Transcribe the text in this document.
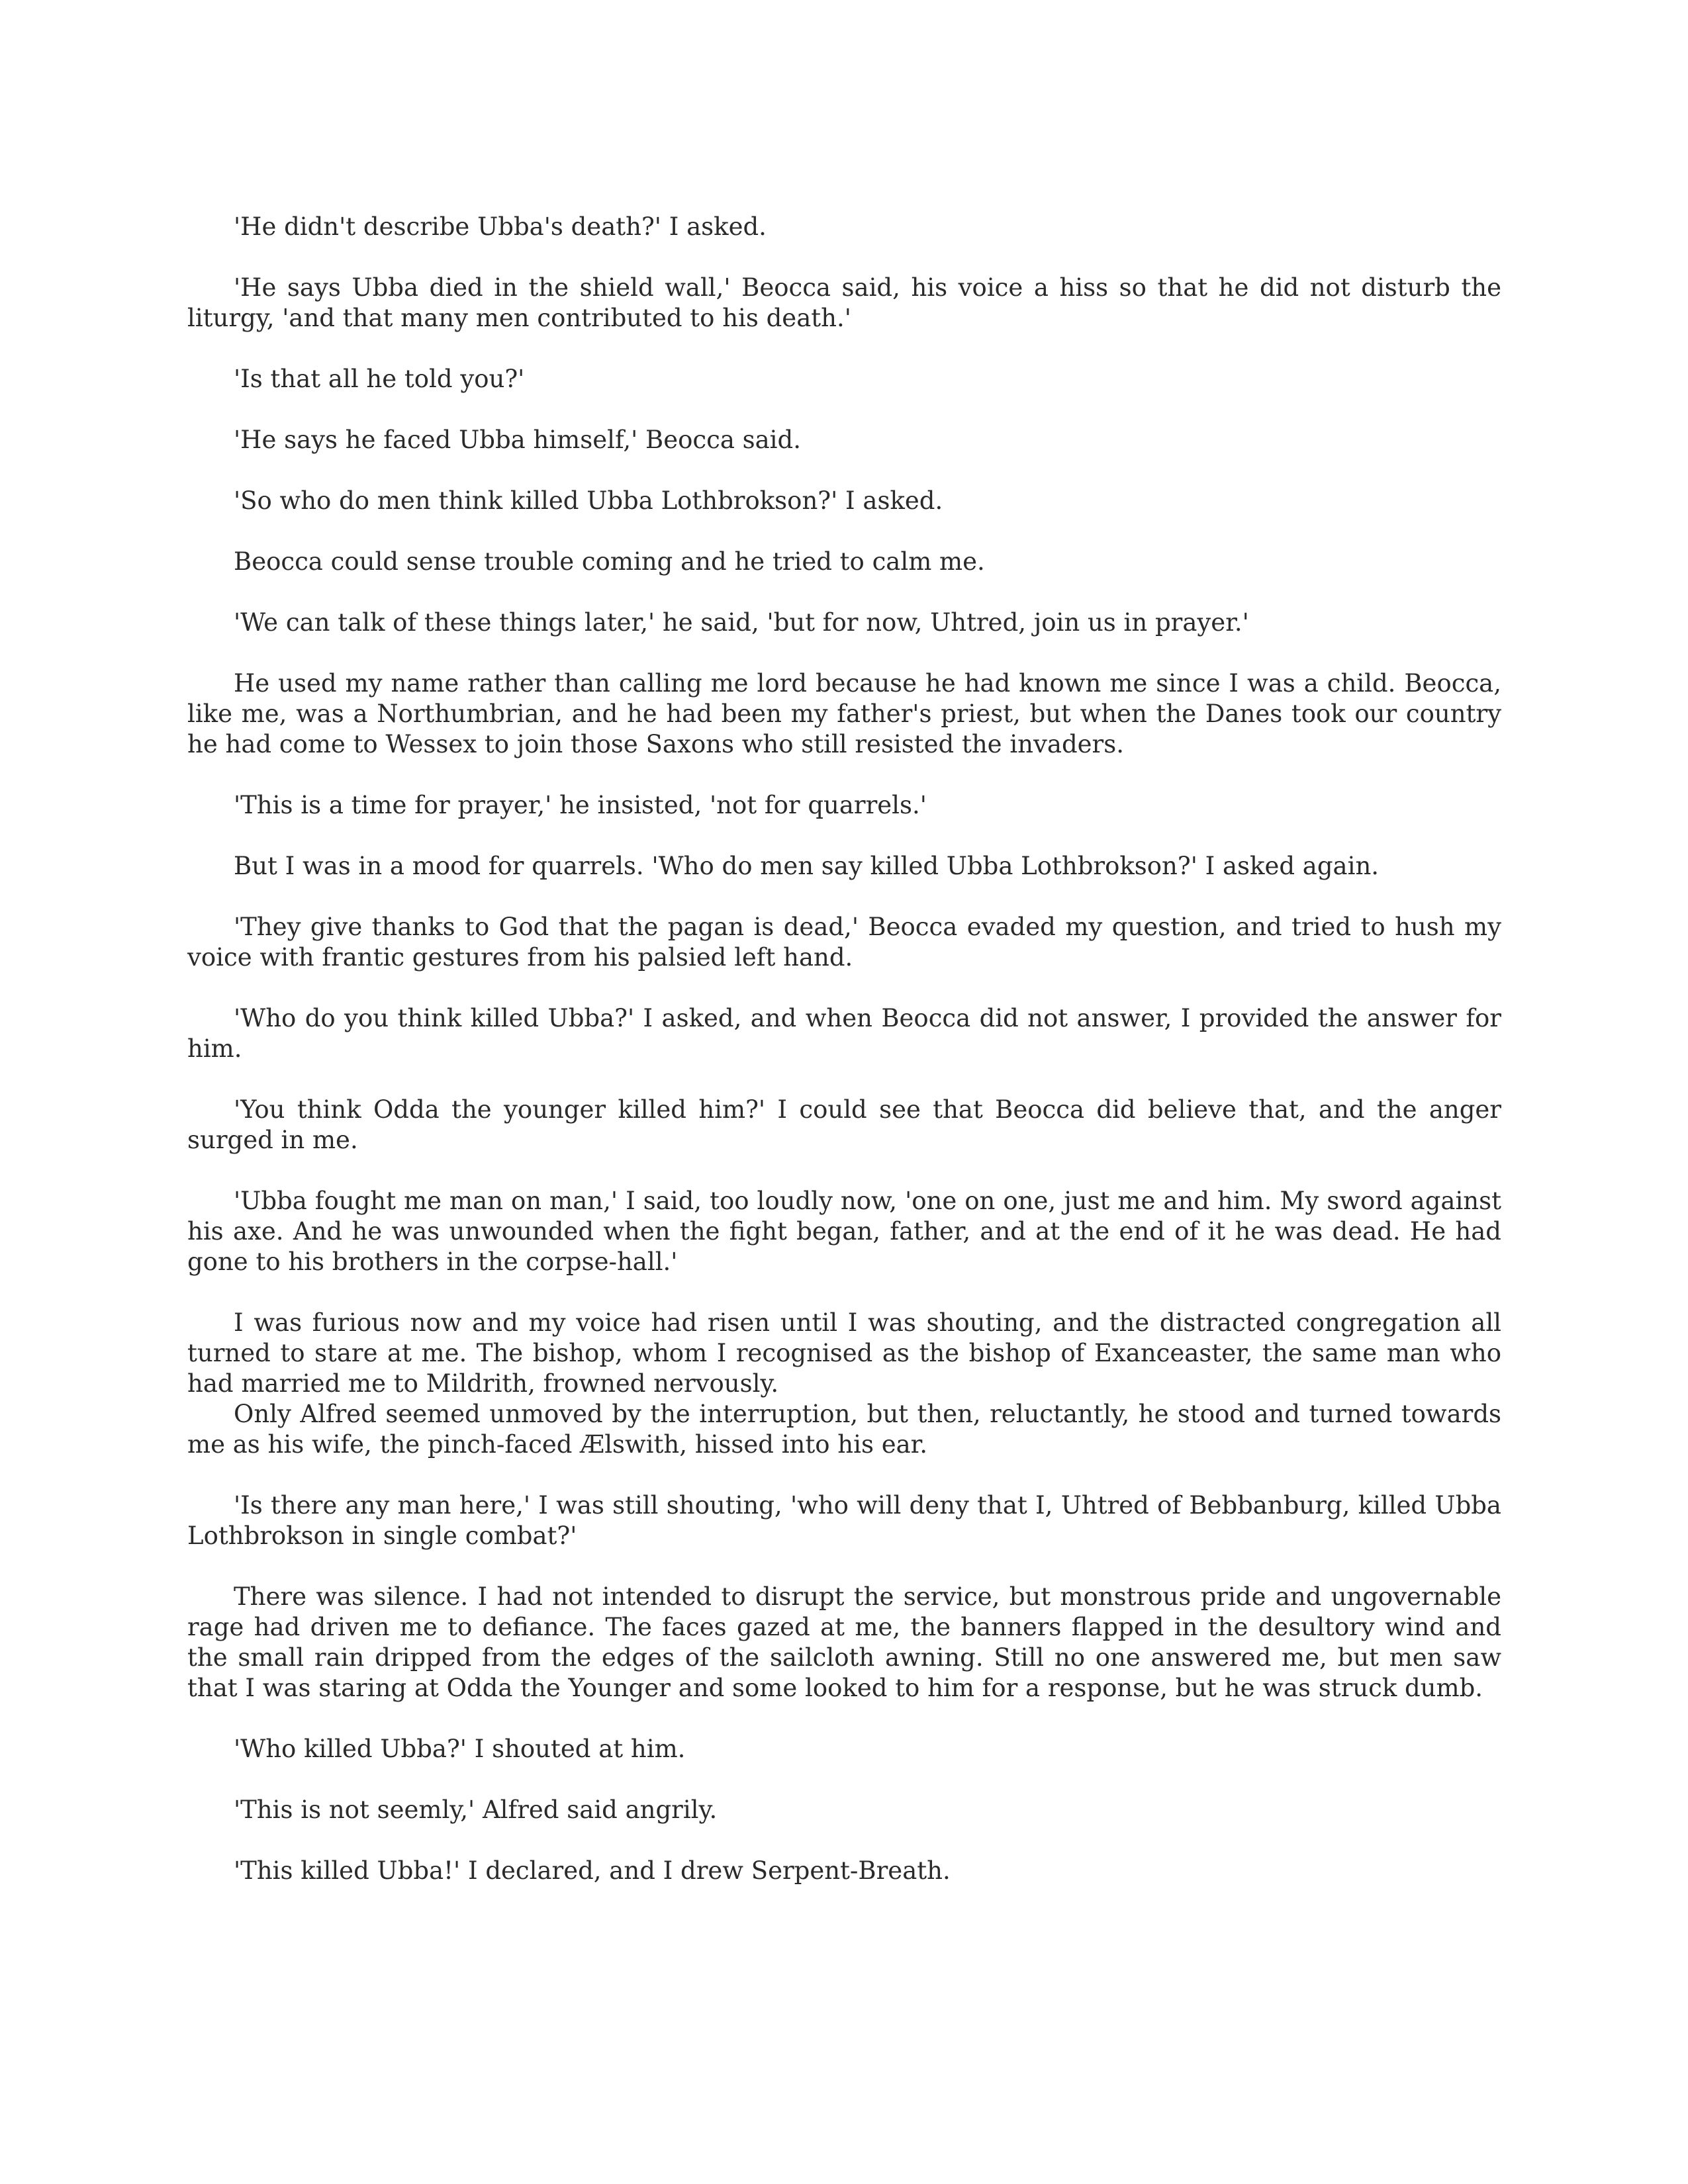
'He didn't describe Ubba's death?' I asked.

'He says Ubba died in the shield wall,' Beocca said, his voice a hiss so that he did not disturb the liturgy, 'and that many men contributed to his death.'

'Is that all he told you?'

'He says he faced Ubba himself,' Beocca said.

'So who do men think killed Ubba Lothbrokson?' I asked.

Beocca could sense trouble coming and he tried to calm me.

'We can talk of these things later,' he said, 'but for now, Uhtred, join us in prayer.'

He used my name rather than calling me lord because he had known me since I was a child. Beocca, like me, was a Northumbrian, and he had been my father's priest, but when the Danes took our country he had come to Wessex to join those Saxons who still resisted the invaders.

'This is a time for prayer,' he insisted, 'not for quarrels.'

But I was in a mood for quarrels. 'Who do men say killed Ubba Lothbrokson?' I asked again.

'They give thanks to God that the pagan is dead,' Beocca evaded my question, and tried to hush my voice with frantic gestures from his palsied left hand.

'Who do you think killed Ubba?' I asked, and when Beocca did not answer, I provided the answer for him.

'You think Odda the younger killed him?' I could see that Beocca did believe that, and the anger surged in me.

'Ubba fought me man on man,' I said, too loudly now, 'one on one, just me and him. My sword against his axe. And he was unwounded when the fight began, father, and at the end of it he was dead. He had gone to his brothers in the corpse-hall.'

I was furious now and my voice had risen until I was shouting, and the distracted congregation all turned to stare at me. The bishop, whom I recognised as the bishop of Exanceaster, the same man who had married me to Mildrith, frowned nervously.

Only Alfred seemed unmoved by the interruption, but then, reluctantly, he stood and turned towards me as his wife, the pinch-faced Ælswith, hissed into his ear.

'Is there any man here,' I was still shouting, 'who will deny that I, Uhtred of Bebbanburg, killed Ubba Lothbrokson in single combat?'

There was silence. I had not intended to disrupt the service, but monstrous pride and ungovernable rage had driven me to defiance. The faces gazed at me, the banners flapped in the desultory wind and the small rain dripped from the edges of the sailcloth awning. Still no one answered me, but men saw that I was staring at Odda the Younger and some looked to him for a response, but he was struck dumb.

'Who killed Ubba?' I shouted at him.

'This is not seemly,' Alfred said angrily.

'This killed Ubba!' I declared, and I drew Serpent-Breath.
